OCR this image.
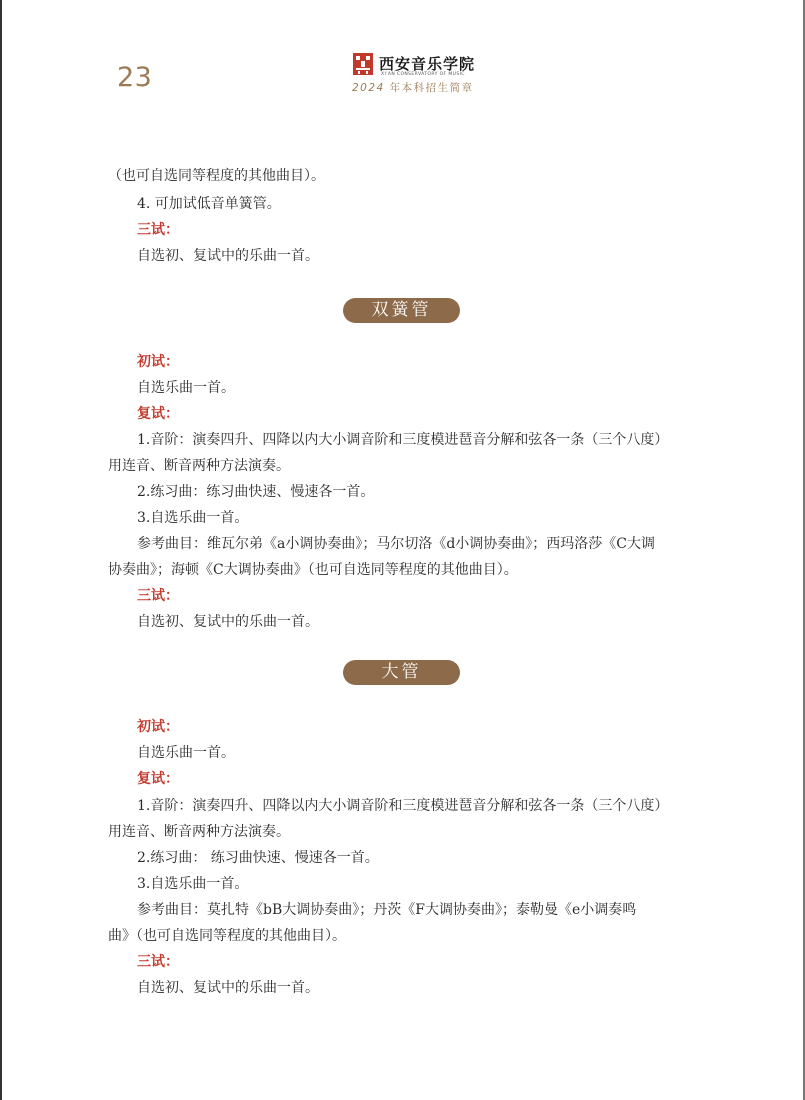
23	西安音乐学院
XI'AN CONSERVATORY OF MUSIC
2024 年本科招生简章
（也可自选同等程度的其他曲目）。
4. 可加试低音单簧管。
三试：
自选初、复试中的乐曲一首。
双簧管
初试：
自选乐曲一首。
复试：
1.音阶：演奏四升、四降以内大小调音阶和三度模进琶音分解和弦各一条（三个八度）
用连音、断音两种方法演奏。
2.练习曲：练习曲快速、慢速各一首。
3.自选乐曲一首。
参考曲目：维瓦尔弟《a小调协奏曲》；马尔切洛《d小调协奏曲》；西玛洛莎《C大调
协奏曲》；海顿《C大调协奏曲》（也可自选同等程度的其他曲目）。
三试：
自选初、复试中的乐曲一首。
大管
初试：
自选乐曲一首。
复试：
1.音阶：演奏四升、四降以内大小调音阶和三度模进琶音分解和弦各一条（三个八度）
用连音、断音两种方法演奏。
2.练习曲： 练习曲快速、慢速各一首。
3.自选乐曲一首。
参考曲目：莫扎特《bB大调协奏曲》；丹茨《F大调协奏曲》；泰勒曼《e小调奏鸣
曲》（也可自选同等程度的其他曲目）。
三试：
自选初、复试中的乐曲一首。
